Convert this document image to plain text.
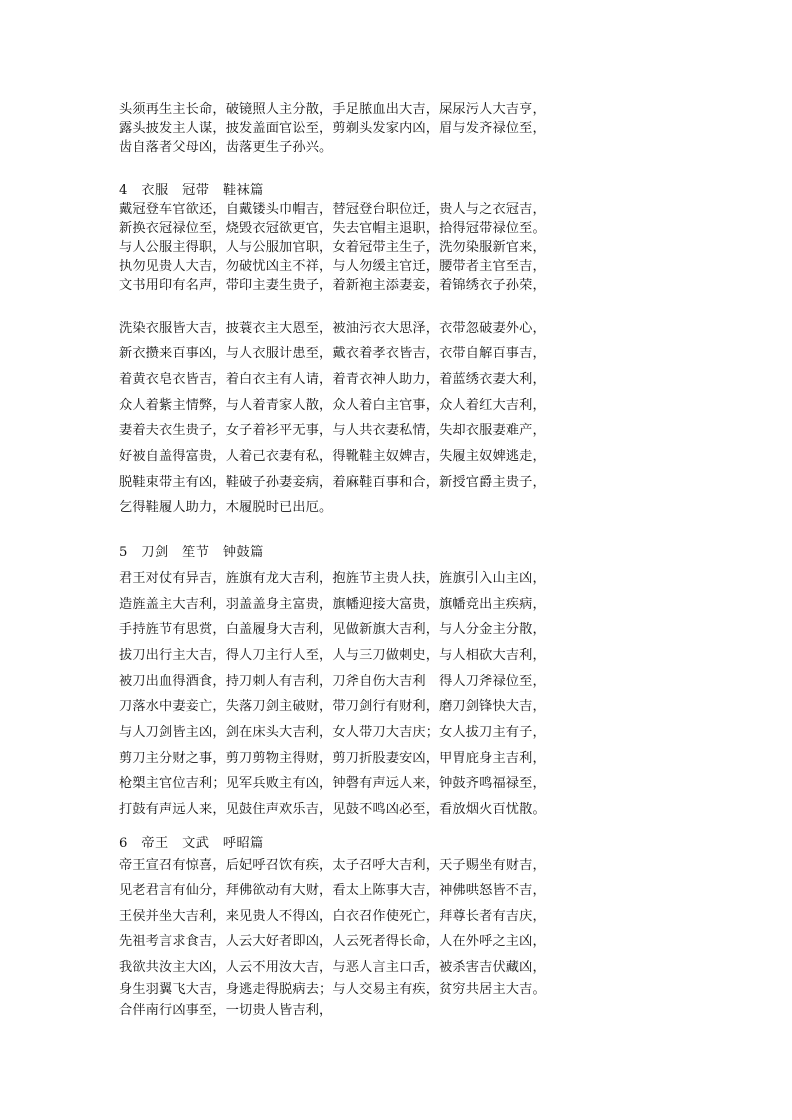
头须再生主长命，破镜照人主分散，手足脓血出大吉，屎尿污人大吉亨，
露头披发主人谋，披发盖面官讼至，剪剃头发家内凶，眉与发齐禄位至，
齿自落者父母凶，齿落更生子孙兴。
4　衣服　冠带　鞋袜篇
戴冠登车官欲还，自戴镂头巾帽吉，替冠登台职位迁，贵人与之衣冠吉，
新换衣冠禄位至，烧毁衣冠欲更官，失去官帽主退职，拾得冠带禄位至。
与人公服主得职，人与公服加官职，女着冠带主生子，洗勿染服新官来，
执勿见贵人大吉，勿破忧凶主不祥，与人勿缓主官迁，腰带者主官至吉，
文书用印有名声，带印主妻生贵子，着新袍主添妻妾，着锦绣衣子孙荣，
洗染衣服皆大吉，披蓑衣主大恩至，被油污衣大思泽，衣带忽破妻外心，
新衣攒来百事凶，与人衣服计患至，戴衣着孝衣皆吉，衣带自解百事吉，
着黄衣皂衣皆吉，着白衣主有人请，着青衣神人助力，着蓝绣衣妻大利，
众人着紫主情弊，与人着青家人散，众人着白主官事，众人着红大吉利，
妻着夫衣生贵子，女子着衫平无事，与人共衣妻私情，失却衣服妻难产，
好被自盖得富贵，人着己衣妻有私，得靴鞋主奴婢吉，失履主奴婢逃走，
脱鞋束带主有凶，鞋破子孙妻妾病，着麻鞋百事和合，新授官爵主贵子，
乞得鞋履人助力，木履脱时已出厄。
5　刀剑　笙节　钟鼓篇
君王对仗有异吉，旌旗有龙大吉利，抱旌节主贵人扶，旌旗引入山主凶，
造旌盖主大吉利，羽盖盖身主富贵，旗幡迎接大富贵，旗幡竞出主疾病，
手持旌节有思赏，白盖履身大吉利，见做新旗大吉利，与人分金主分散，
拔刀出行主大吉，得人刀主行人至，人与三刀做刺史，与人相砍大吉利，
被刀出血得酒食，持刀刺人有吉利，刀斧自伤大吉利　得人刀斧禄位至，
刀落水中妻妾亡，失落刀剑主破财，带刀剑行有财利，磨刀剑锋快大吉，
与人刀剑皆主凶，剑在床头大吉利，女人带刀大吉庆；女人拔刀主有子，
剪刀主分财之事，剪刀剪物主得财，剪刀折股妻安凶，甲胃庇身主吉利，
枪槊主官位吉利；见军兵败主有凶，钟磬有声远人来，钟鼓齐鸣福禄至，
打鼓有声远人来，见鼓住声欢乐吉，见鼓不鸣凶必至，看放烟火百忧散。
6　帝王　文武　呼昭篇
帝王宣召有惊喜，后妃呼召饮有疾，太子召呼大吉利，天子赐坐有财吉，
见老君言有仙分，拜佛欲动有大财，看太上陈事大吉，神佛哄怒皆不吉，
王侯并坐大吉利，来见贵人不得凶，白衣召作使死亡，拜尊长者有吉庆，
先祖考言求食吉，人云大好者即凶，人云死者得长命，人在外呼之主凶，
我欲共汝主大凶，人云不用汝大吉，与恶人言主口舌，被杀害吉伏藏凶，
身生羽翼飞大吉，身逃走得脱病去；与人交易主有疾，贫穷共居主大吉。
合伴南行凶事至，一切贵人皆吉利，
